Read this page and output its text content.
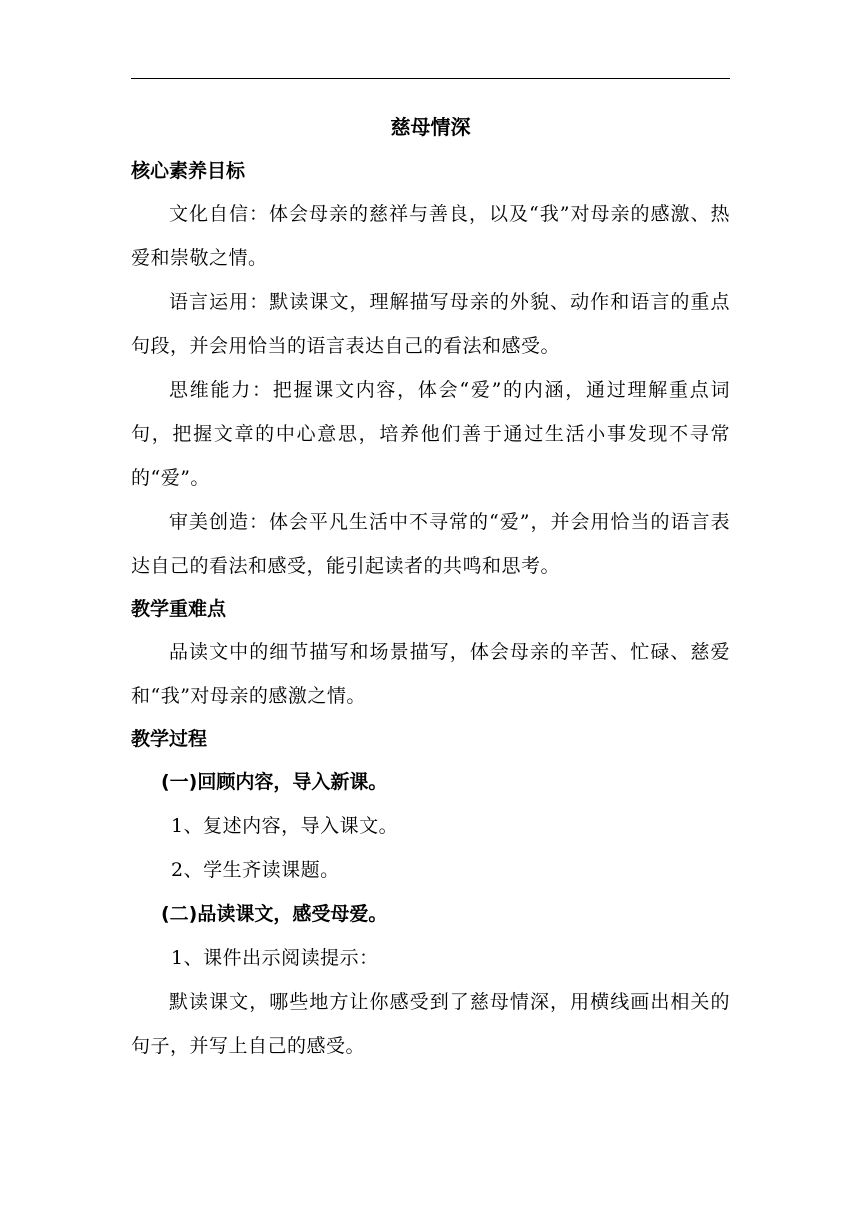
慈母情深
核心素养目标

文化自信：体会母亲的慈祥与善良，以及“我”对母亲的感激、热爱和崇敬之情。

语言运用：默读课文，理解描写母亲的外貌、动作和语言的重点句段，并会用恰当的语言表达自己的看法和感受。

思维能力：把握课文内容，体会“爱”的内涵，通过理解重点词句，把握文章的中心意思，培养他们善于通过生活小事发现不寻常的“爱”。

审美创造：体会平凡生活中不寻常的“爱”，并会用恰当的语言表达自己的看法和感受，能引起读者的共鸣和思考。

教学重难点

品读文中的细节描写和场景描写，体会母亲的辛苦、忙碌、慈爱和“我”对母亲的感激之情。

教学过程

(一)回顾内容，导入新课。

1、复述内容，导入课文。

2、学生齐读课题。

(二)品读课文，感受母爱。

1、课件出示阅读提示：

默读课文，哪些地方让你感受到了慈母情深，用横线画出相关的句子，并写上自己的感受。
